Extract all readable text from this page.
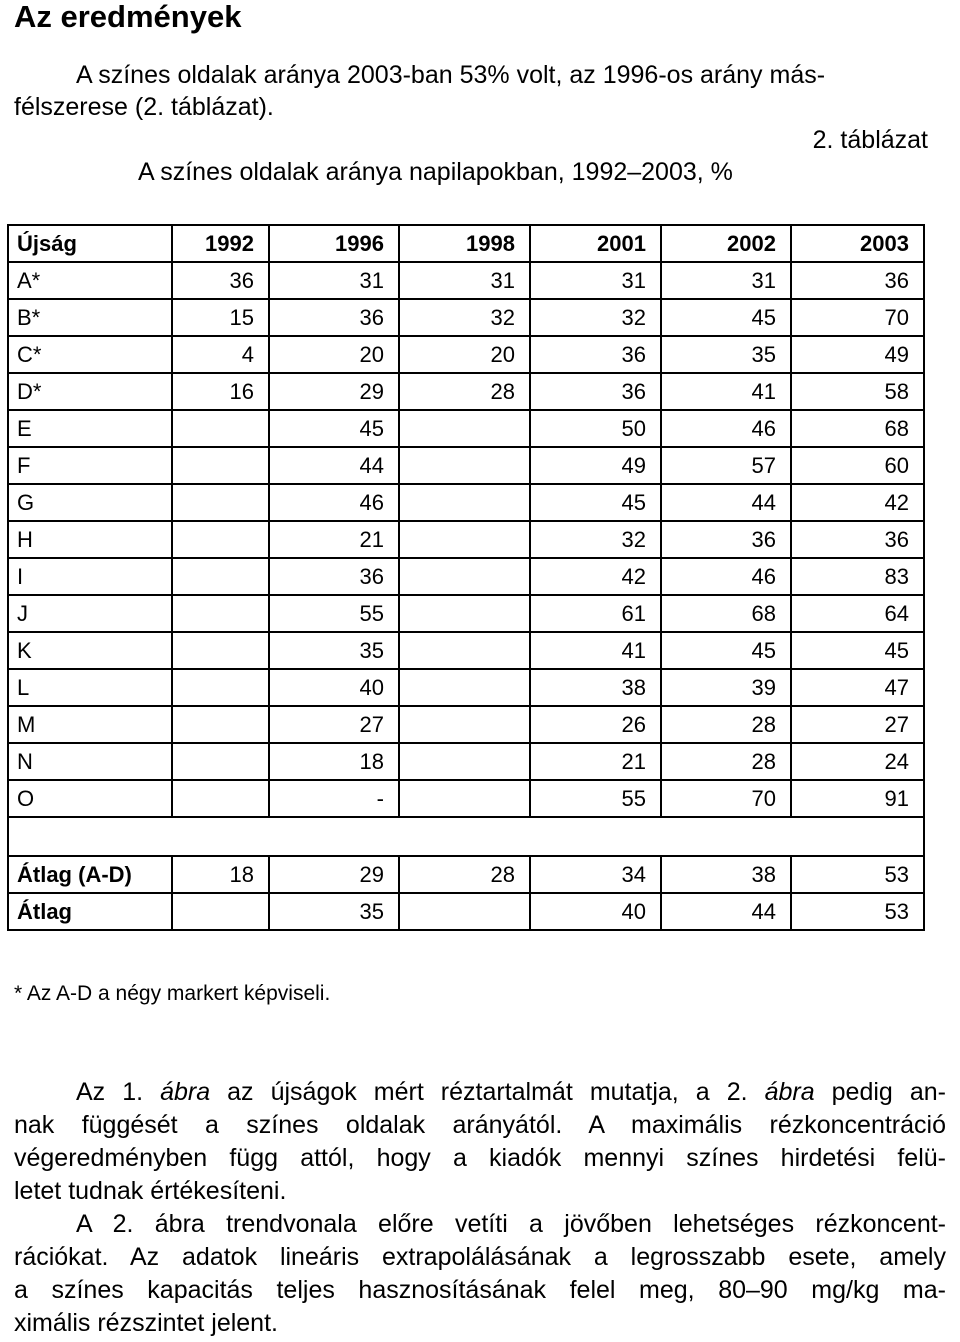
Az eredmények
A színes oldalak aránya 2003-ban 53% volt, az 1996-os arány más-
félszerese (2. táblázat).
2. táblázat
A színes oldalak aránya napilapokban, 1992–2003, %
Újság	1992	1996	1998	2001	2002	2003
A*	36	31	31	31	31	36
B*	15	36	32	32	45	70
C*	4	20	20	36	35	49
D*	16	29	28	36	41	58
E		45		50	46	68
F		44		49	57	60
G		46		45	44	42
H		21		32	36	36
I		36		42	46	83
J		55		61	68	64
K		35		41	45	45
L		40		38	39	47
M		27		26	28	27
N		18		21	28	24
O		-		55	70	91

Átlag (A-D)	18	29	28	34	38	53
Átlag		35		40	44	53
* Az A-D a négy markert képviseli.

Az 1. ábra az újságok mért réztartalmát mutatja, a 2. ábra pedig an-
nak függését a színes oldalak arányától. A maximális rézkoncentráció
végeredményben függ attól, hogy a kiadók mennyi színes hirdetési felü-
letet tudnak értékesíteni.

A 2. ábra trendvonala előre vetíti a jövőben lehetséges rézkoncent-
rációkat. Az adatok lineáris extrapolálásának a legrosszabb esete, amely
a színes kapacitás teljes hasznosításának felel meg, 80–90 mg/kg ma-
ximális rézszintet jelent.
